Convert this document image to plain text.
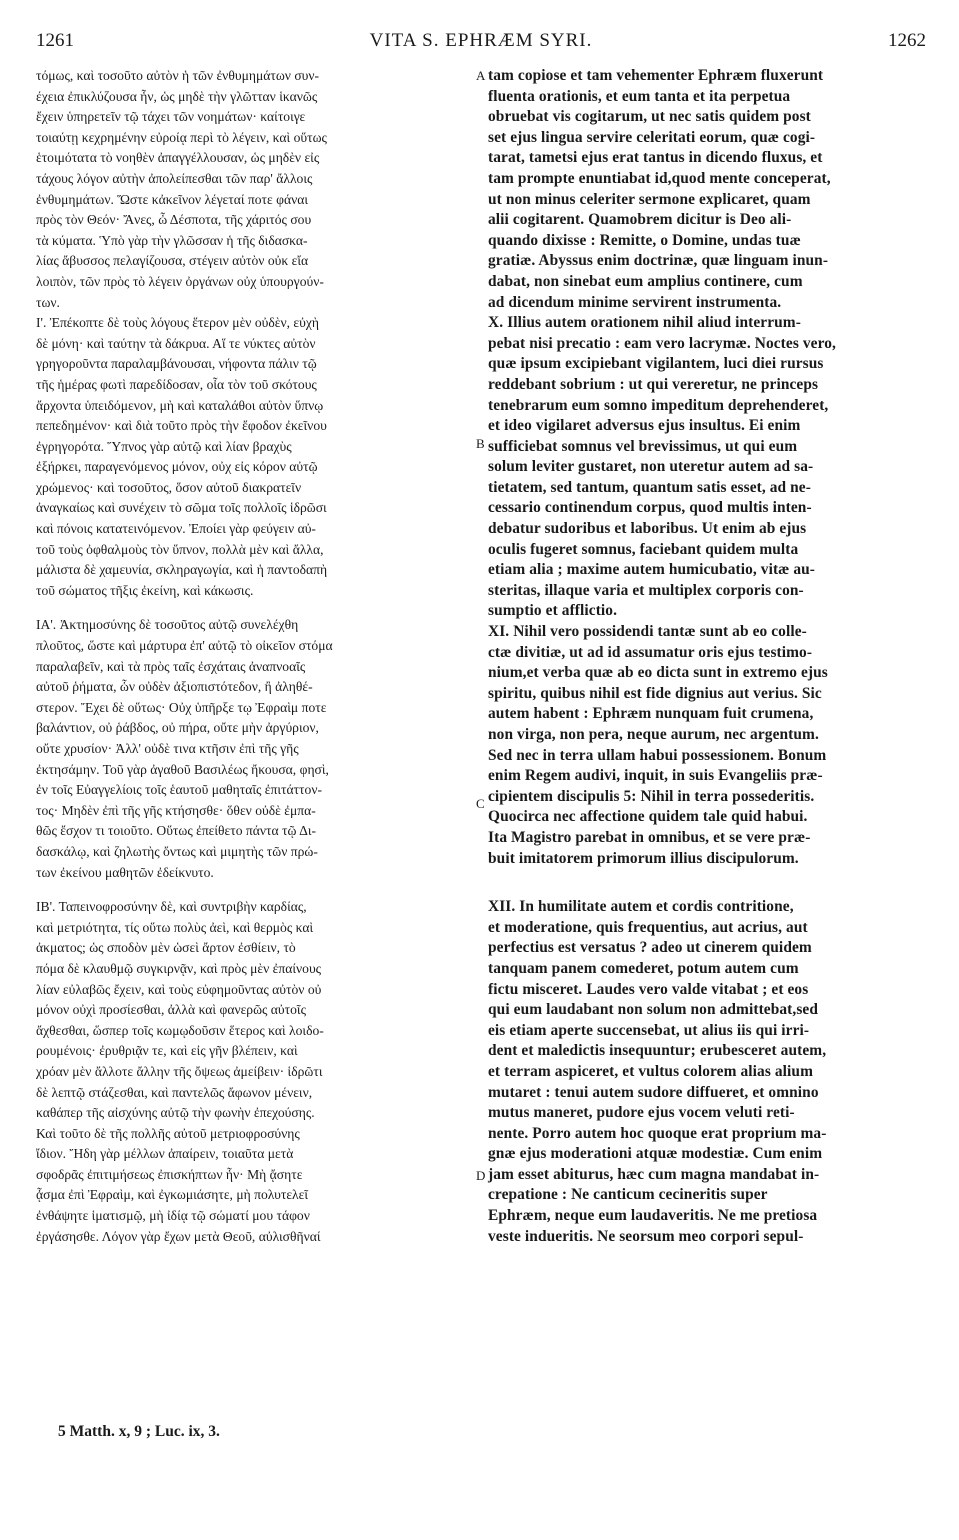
1261	VITA S. EPHRÆM SYRI.	1262

τόμως, καὶ τοσοῦτο αὐτὸν ἡ τῶν ἐνθυμημάτων συν-
έχεια ἐπικλύζουσα ἦν, ὡς μηδὲ τὴν γλῶτταν ἱκανῶς
ἔχειν ὑπηρετεῖν τῷ τάχει τῶν νοημάτων· καίτοιγε
τοιαύτῃ κεχρημένην εὐροίᾳ περὶ τὸ λέγειν, καὶ οὕτως
ἑτοιμότατα τὸ νοηθὲν ἀπαγγέλλουσαν, ὡς μηδὲν εἰς
τάχους λόγον αὐτὴν ἀπολείπεσθαι τῶν παρ' ἄλλοις
ἐνθυμημάτων. Ὥστε κἀκεῖνον λέγεταί ποτε φάναι
πρὸς τὸν Θεόν· Ἄνες, ὦ Δέσποτα, τῆς χάριτός σου
τὰ κύματα. Ὑπὸ γὰρ τὴν γλῶσσαν ἡ τῆς διδασκα-
λίας ἄβυσσος πελαγίζουσα, στέγειν αὐτὸν οὐκ εἴα
λοιπὸν, τῶν πρὸς τὸ λέγειν ὀργάνων οὐχ ὑπουργούν-
των.

Ι'. Ἐπέκοπτε δὲ τοὺς λόγους ἕτερον μὲν οὐδὲν, εὐχὴ
δὲ μόνη· καὶ ταύτην τὰ δάκρυα. Αἵ τε νύκτες αὐτὸν
γρηγοροῦντα παραλαμβάνουσαι, νήφοντα πάλιν τῷ
τῆς ἡμέρας φωτὶ παρεδίδοσαν, οἷα τὸν τοῦ σκότους
ἄρχοντα ὑπειδόμενον, μὴ καὶ καταλάθοι αὐτὸν ὕπνῳ
πεπεδημένον· καὶ διὰ τοῦτο πρὸς τὴν ἔφοδον ἐκεῖνου
ἐγρηγορότα. Ὕπνος γὰρ αὐτῷ καὶ λίαν βραχὺς
ἐξήρκει, παραγενόμενος μόνον, οὐχ εἰς κόρον αὐτῷ
χρώμενος· καὶ τοσοῦτος, ὅσον αὐτοῦ διακρατεῖν
ἀναγκαίως καὶ συνέχειν τὸ σῶμα τοῖς πολλοῖς ἱδρῶσι
καὶ πόνοις κατατεινόμενον. Ἐποίει γὰρ φεύγειν αὐ-
τοῦ τοὺς ὀφθαλμοὺς τὸν ὕπνον, πολλὰ μὲν καὶ ἄλλα,
μάλιστα δὲ χαμευνία, σκληραγωγία, καὶ ἡ παντοδαπὴ
τοῦ σώματος τῆξις ἐκείνη, καὶ κάκωσις.

ΙΑ'. Ἀκτημοσύνης δὲ τοσοῦτος αὐτῷ συνελέχθη
πλοῦτος, ὥστε καὶ μάρτυρα ἐπ' αὐτῷ τὸ οἰκεῖον στόμα
παραλαβεῖν, καὶ τὰ πρὸς ταῖς ἐσχάταις ἀναπνοαῖς
αὐτοῦ ῥήματα, ὧν οὐδὲν ἀξιοπιστότεδον, ἢ ἀληθέ-
στερον. Ἔχει δὲ οὕτως· Οὐχ ὑπῆρξε τῳ Ἐφραὶμ ποτε
βαλάντιον, οὐ ῥάβδος, οὐ πήρα, οὔτε μὴν ἀργύριον,
οὔτε χρυσίον· Ἀλλ' οὐδὲ τινα κτῆσιν ἐπὶ τῆς γῆς
ἐκτησάμην. Τοῦ γὰρ ἀγαθοῦ Βασιλέως ἤκουσα, φησὶ,
ἐν τοῖς Εὐαγγελίοις τοῖς ἑαυτοῦ μαθηταῖς ἐπιτάττον-
τος· Μηδὲν ἐπὶ τῆς γῆς κτήσησθε· ὅθεν οὐδὲ ἐμπα-
θῶς ἔσχον τι τοιοῦτο. Οὕτως ἐπείθετο πάντα τῷ Δι-
δασκάλῳ, καὶ ζηλωτὴς ὄντως καὶ μιμητὴς τῶν πρώ-
των ἐκείνου μαθητῶν ἐδείκνυτο.

ΙΒ'. Ταπεινοφροσύνην δὲ, καὶ συντριβὴν καρδίας,
καὶ μετριότητα, τίς οὕτω πολὺς ἀεὶ, καὶ θερμὸς καὶ
ἀκματος; ὡς σποδὸν μὲν ὡσεὶ ἄρτον ἐσθίειν, τὸ
πόμα δὲ κλαυθμῷ συγκιρνᾷν, καὶ πρὸς μὲν ἐπαίνους
λίαν εὐλαβῶς ἔχειν, καὶ τοὺς εὐφημοῦντας αὐτὸν οὐ
μόνον οὐχὶ προσίεσθαι, ἀλλὰ καὶ φανερῶς αὐτοῖς
ἄχθεσθαι, ὥσπερ τοῖς κωμῳδοῦσιν ἕτερος καὶ λοιδο-
ρουμένοις· ἐρυθριᾷν τε, καὶ εἰς γῆν βλέπειν, καὶ
χρόαν μὲν ἄλλοτε ἄλλην τῆς ὄψεως ἀμείβειν· ἱδρῶτι
δὲ λεπτῷ στάζεσθαι, καὶ παντελῶς ἄφωνον μένειν,
καθάπερ τῆς αἰσχύνης αὐτῷ τὴν φωνὴν ἐπεχούσης.
Καὶ τοῦτο δὲ τῆς πολλῆς αὐτοῦ μετριοφροσύνης
ἴδιον. Ἤδη γὰρ μέλλων ἀπαίρειν, τοιαῦτα μετὰ
σφοδρᾶς ἐπιτιμήσεως ἐπισκήπτων ἦν· Μὴ ᾄσητε
ᾆσμα ἐπὶ Ἐφραὶμ, καὶ ἐγκωμιάσητε, μὴ πολυτελεῖ
ἐνθάψητε ἱματισμῷ, μὴ ἰδίᾳ τῷ σώματί μου τάφον
ἐργάσησθε. Λόγον γὰρ ἔχων μετὰ Θεοῦ, αὐλισθῆναί

A
B
C
D

tam copiose et tam vehementer Ephræm fluxerunt
fluenta orationis, et eum tanta et ita perpetua
obruebat vis cogitarum, ut nec satis quidem post
set ejus lingua servire celeritati eorum, quæ cogi-
tarat, tametsi ejus erat tantus in dicendo fluxus, et
tam prompte enuntiabat id,quod mente conceperat,
ut non minus celeriter sermone explicaret, quam
alii cogitarent. Quamobrem dicitur is Deo ali-
quando dixisse : Remitte, o Domine, undas tuæ
gratiæ. Abyssus enim doctrinæ, quæ linguam inun-
dabat, non sinebat eum amplius continere, cum
ad dicendum minime servirent instrumenta.

X. Illius autem orationem nihil aliud interrum-
pebat nisi precatio : eam vero lacrymæ. Noctes vero,
quæ ipsum excipiebant vigilantem, luci diei rursus
reddebant sobrium : ut qui vereretur, ne princeps
tenebrarum eum somno impeditum deprehenderet,
et ideo vigilaret adversus ejus insultus. Ei enim
sufficiebat somnus vel brevissimus, ut qui eum
solum leviter gustaret, non uteretur autem ad sa-
tietatem, sed tantum, quantum satis esset, ad ne-
cessario continendum corpus, quod multis inten-
debatur sudoribus et laboribus. Ut enim ab ejus
oculis fugeret somnus, faciebant quidem multa
etiam alia ; maxime autem humicubatio, vitæ au-
steritas, illaque varia et multiplex corporis con-
sumptio et afflictio.

XI. Nihil vero possidendi tantæ sunt ab eo colle-
ctæ divitiæ, ut ad id assumatur oris ejus testimo-
nium,et verba quæ ab eo dicta sunt in extremo ejus
spiritu, quibus nihil est fide dignius aut verius. Sic
autem habent : Ephræm nunquam fuit crumena,
non virga, non pera, neque aurum, nec argentum.
Sed nec in terra ullam habui possessionem. Bonum
enim Regem audivi, inquit, in suis Evangeliis præ-
cipientem discipulis 5: Nihil in terra possederitis.
Quocirca nec affectione quidem tale quid habui.
Ita Magistro parebat in omnibus, et se vere præ-
buit imitatorem primorum illius discipulorum.

XII. In humilitate autem et cordis contritione,
et moderatione, quis frequentius, aut acrius, aut
perfectius est versatus ? adeo ut cinerem quidem
tanquam panem comederet, potum autem cum
fictu misceret. Laudes vero valde vitabat ; et eos
qui eum laudabant non solum non admittebat,sed
eis etiam aperte succensebat, ut alius iis qui irri-
dent et maledictis insequuntur; erubesceret autem,
et terram aspiceret, et vultus colorem alias alium
mutaret : tenui autem sudore diffueret, et omnino
mutus maneret, pudore ejus vocem veluti reti-
nente. Porro autem hoc quoque erat proprium ma-
gnæ ejus moderationi atquæ modestiæ. Cum enim
jam esset abiturus, hæc cum magna mandabat in-
crepatione : Ne canticum cecineritis super
Ephræm, neque eum laudaveritis. Ne me pretiosa
veste indueritis. Ne seorsum meo corpori sepul-

5 Matth. x, 9 ; Luc. ix, 3.
